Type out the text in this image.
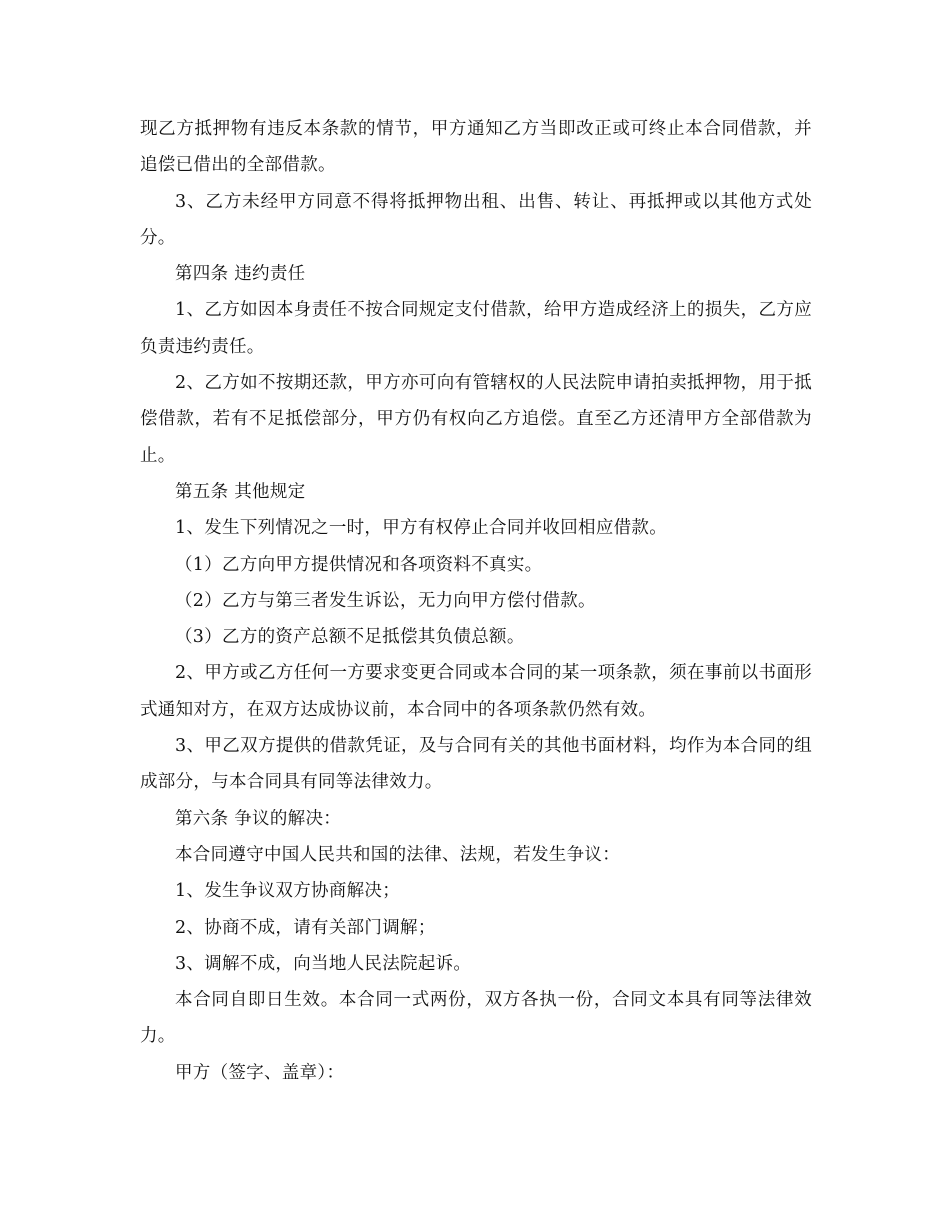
现乙方抵押物有违反本条款的情节，甲方通知乙方当即改正或可终止本合同借款，并追偿已借出的全部借款。

3、乙方未经甲方同意不得将抵押物出租、出售、转让、再抵押或以其他方式处分。

第四条 违约责任

1、乙方如因本身责任不按合同规定支付借款，给甲方造成经济上的损失，乙方应负责违约责任。

2、乙方如不按期还款，甲方亦可向有管辖权的人民法院申请拍卖抵押物，用于抵偿借款，若有不足抵偿部分，甲方仍有权向乙方追偿。直至乙方还清甲方全部借款为止。

第五条 其他规定

1、发生下列情况之一时，甲方有权停止合同并收回相应借款。

（1）乙方向甲方提供情况和各项资料不真实。

（2）乙方与第三者发生诉讼，无力向甲方偿付借款。

（3）乙方的资产总额不足抵偿其负债总额。

2、甲方或乙方任何一方要求变更合同或本合同的某一项条款，须在事前以书面形式通知对方，在双方达成协议前，本合同中的各项条款仍然有效。

3、甲乙双方提供的借款凭证，及与合同有关的其他书面材料，均作为本合同的组成部分，与本合同具有同等法律效力。

第六条 争议的解决：

本合同遵守中国人民共和国的法律、法规，若发生争议：

1、发生争议双方协商解决；

2、协商不成，请有关部门调解；

3、调解不成，向当地人民法院起诉。

本合同自即日生效。本合同一式两份，双方各执一份，合同文本具有同等法律效力。

甲方（签字、盖章）：
